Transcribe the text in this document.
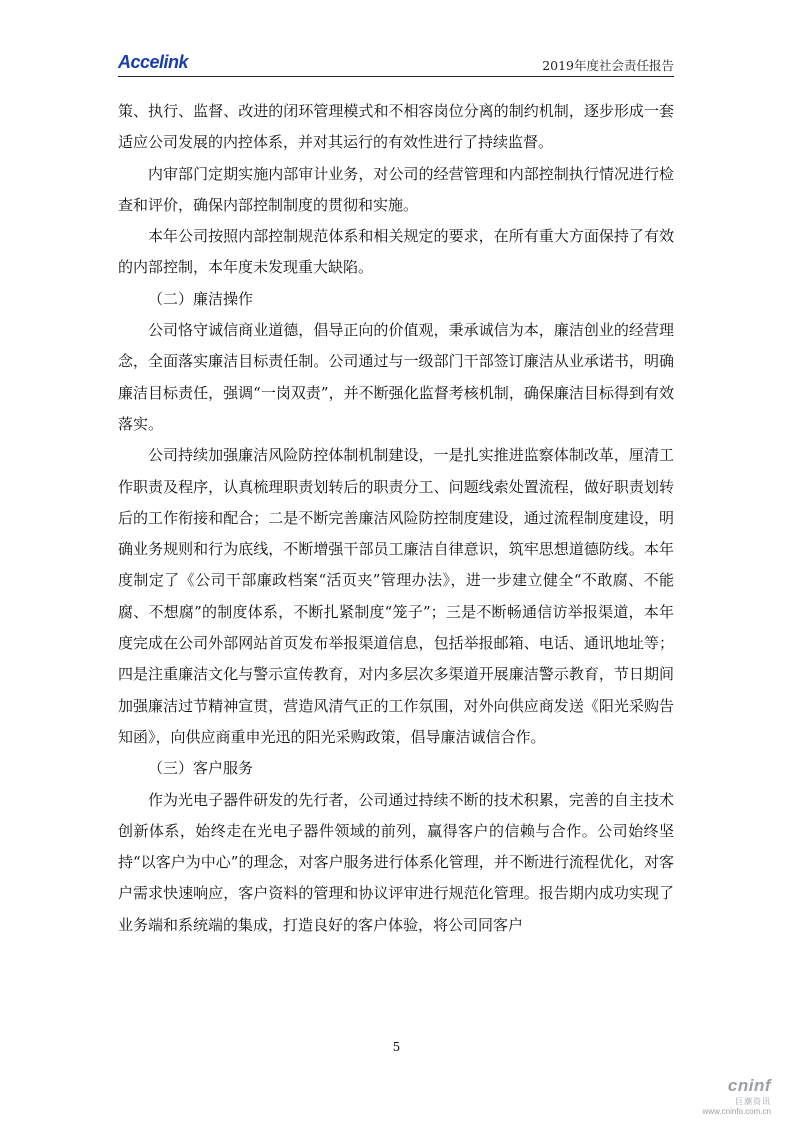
Accelink	2019年度社会责任报告

策、执行、监督、改进的闭环管理模式和不相容岗位分离的制约机制，逐步形成一套适应公司发展的内控体系，并对其运行的有效性进行了持续监督。

内审部门定期实施内部审计业务，对公司的经营管理和内部控制执行情况进行检查和评价，确保内部控制制度的贯彻和实施。

本年公司按照内部控制规范体系和相关规定的要求，在所有重大方面保持了有效的内部控制，本年度未发现重大缺陷。

（二）廉洁操作

公司恪守诚信商业道德，倡导正向的价值观，秉承诚信为本，廉洁创业的经营理念，全面落实廉洁目标责任制。公司通过与一级部门干部签订廉洁从业承诺书，明确廉洁目标责任，强调“一岗双责”，并不断强化监督考核机制，确保廉洁目标得到有效落实。

公司持续加强廉洁风险防控体制机制建设，一是扎实推进监察体制改革，厘清工作职责及程序，认真梳理职责划转后的职责分工、问题线索处置流程，做好职责划转后的工作衔接和配合；二是不断完善廉洁风险防控制度建设，通过流程制度建设，明确业务规则和行为底线，不断增强干部员工廉洁自律意识，筑牢思想道德防线。本年度制定了《公司干部廉政档案“活页夹”管理办法》，进一步建立健全“不敢腐、不能腐、不想腐”的制度体系，不断扎紧制度“笼子”；三是不断畅通信访举报渠道，本年度完成在公司外部网站首页发布举报渠道信息，包括举报邮箱、电话、通讯地址等；四是注重廉洁文化与警示宣传教育，对内多层次多渠道开展廉洁警示教育，节日期间加强廉洁过节精神宣贯，营造风清气正的工作氛围，对外向供应商发送《阳光采购告知函》，向供应商重申光迅的阳光采购政策，倡导廉洁诚信合作。

（三）客户服务

作为光电子器件研发的先行者，公司通过持续不断的技术积累，完善的自主技术创新体系，始终走在光电子器件领域的前列，赢得客户的信赖与合作。公司始终坚持“以客户为中心”的理念，对客户服务进行体系化管理，并不断进行流程优化，对客户需求快速响应，客户资料的管理和协议评审进行规范化管理。报告期内成功实现了业务端和系统端的集成，打造良好的客户体验，将公司同客户

5
cninf
巨潮资讯
www.cninfo.com.cn
